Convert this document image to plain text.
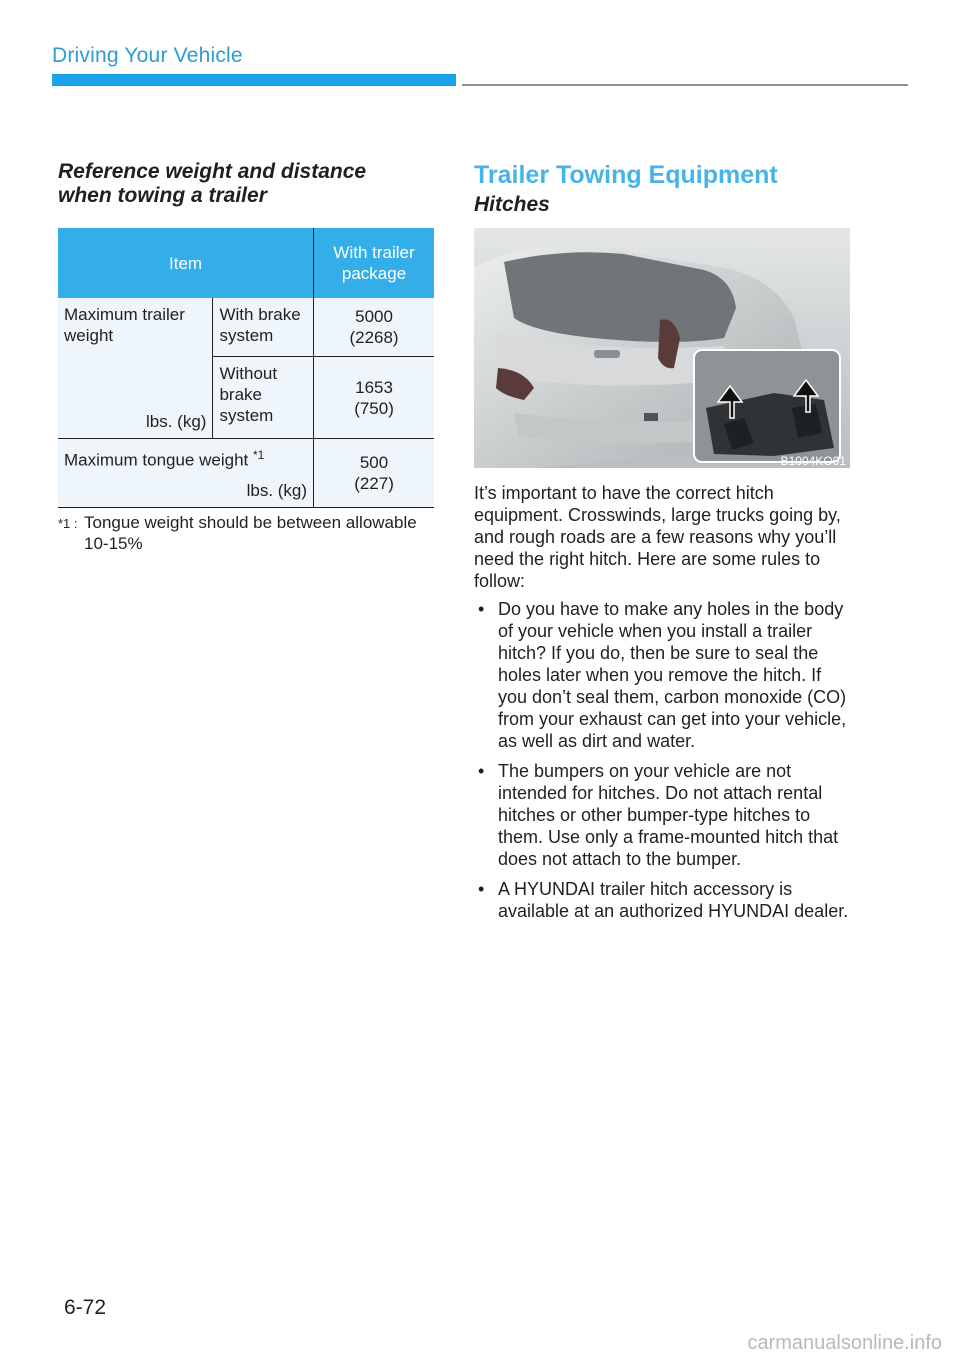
Driving Your Vehicle
Reference weight and distance
when towing a trailer
Item		With trailer package

Maximum trailer weight
lbs. (kg)	With brake system	5000
(2268)
	Without brake system	1653
(750)

Maximum tongue weight $^{*1}$
lbs. (kg)		500
(227)
*1 : Tongue weight should be between allowable 10-15%
Trailer Towing Equipment
Hitches
B1004KO01

It’s important to have the correct hitch equipment. Crosswinds, large trucks going by, and rough roads are a few reasons why you’ll need the right hitch. Here are some rules to follow:

• Do you have to make any holes in the body of your vehicle when you install a trailer hitch? If you do, then be sure to seal the holes later when you remove the hitch. If you don’t seal them, carbon monoxide (CO) from your exhaust can get into your vehicle, as well as dirt and water.
• The bumpers on your vehicle are not intended for hitches. Do not attach rental hitches or other bumper-type hitches to them. Use only a frame-mounted hitch that does not attach to the bumper.
• A HYUNDAI trailer hitch accessory is available at an authorized HYUNDAI dealer.
6-72
carmanualsonline.info
